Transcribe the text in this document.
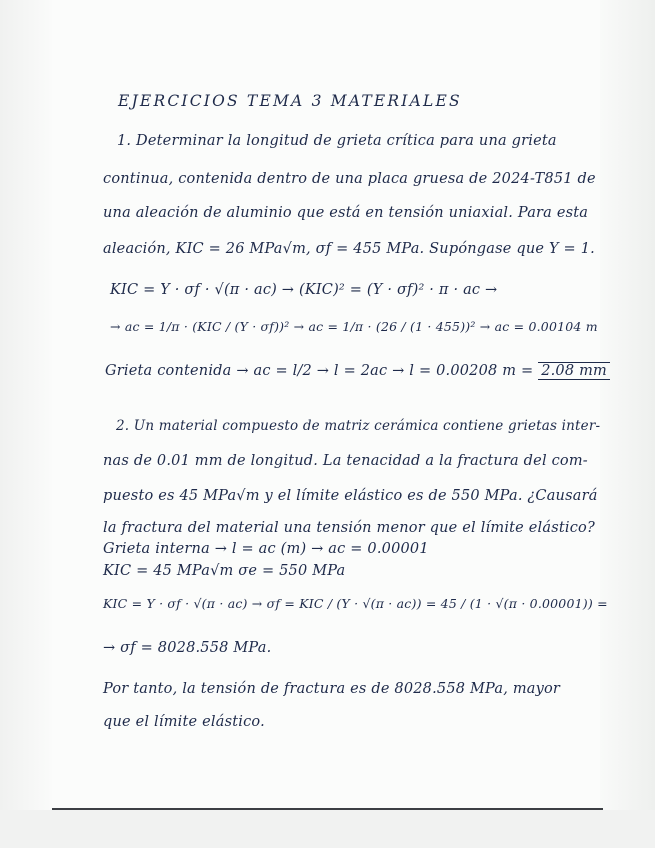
EJERCICIOS TEMA 3 MATERIALES
1. Determinar la longitud de grieta crítica para una grieta
continua, contenida dentro de una placa gruesa de 2024-T851 de
una aleación de aluminio que está en tensión uniaxial. Para esta
aleación, KIC = 26 MPa√m, σf = 455 MPa. Supóngase que Y = 1.
KIC = Y · σf · √(π · ac) → (KIC)² = (Y · σf)² · π · ac →
→ ac = 1/π · (KIC / (Y · σf))² → ac = 1/π · (26 / (1 · 455))² → ac = 0.00104 m
Grieta contenida → ac = l/2 → l = 2ac → l = 0.00208 m = 2.08 mm
2. Un material compuesto de matriz cerámica contiene grietas inter-
nas de 0.01 mm de longitud. La tenacidad a la fractura del com-
puesto es 45 MPa√m y el límite elástico es de 550 MPa. ¿Causará
la fractura del material una tensión menor que el límite elástico?
Grieta interna → l = ac (m) → ac = 0.00001
KIC = 45 MPa√m σe = 550 MPa
KIC = Y · σf · √(π · ac) → σf = KIC / (Y · √(π · ac)) = 45 / (1 · √(π · 0.00001)) =
→ σf = 8028.558 MPa.
Por tanto, la tensión de fractura es de 8028.558 MPa, mayor
que el límite elástico.
